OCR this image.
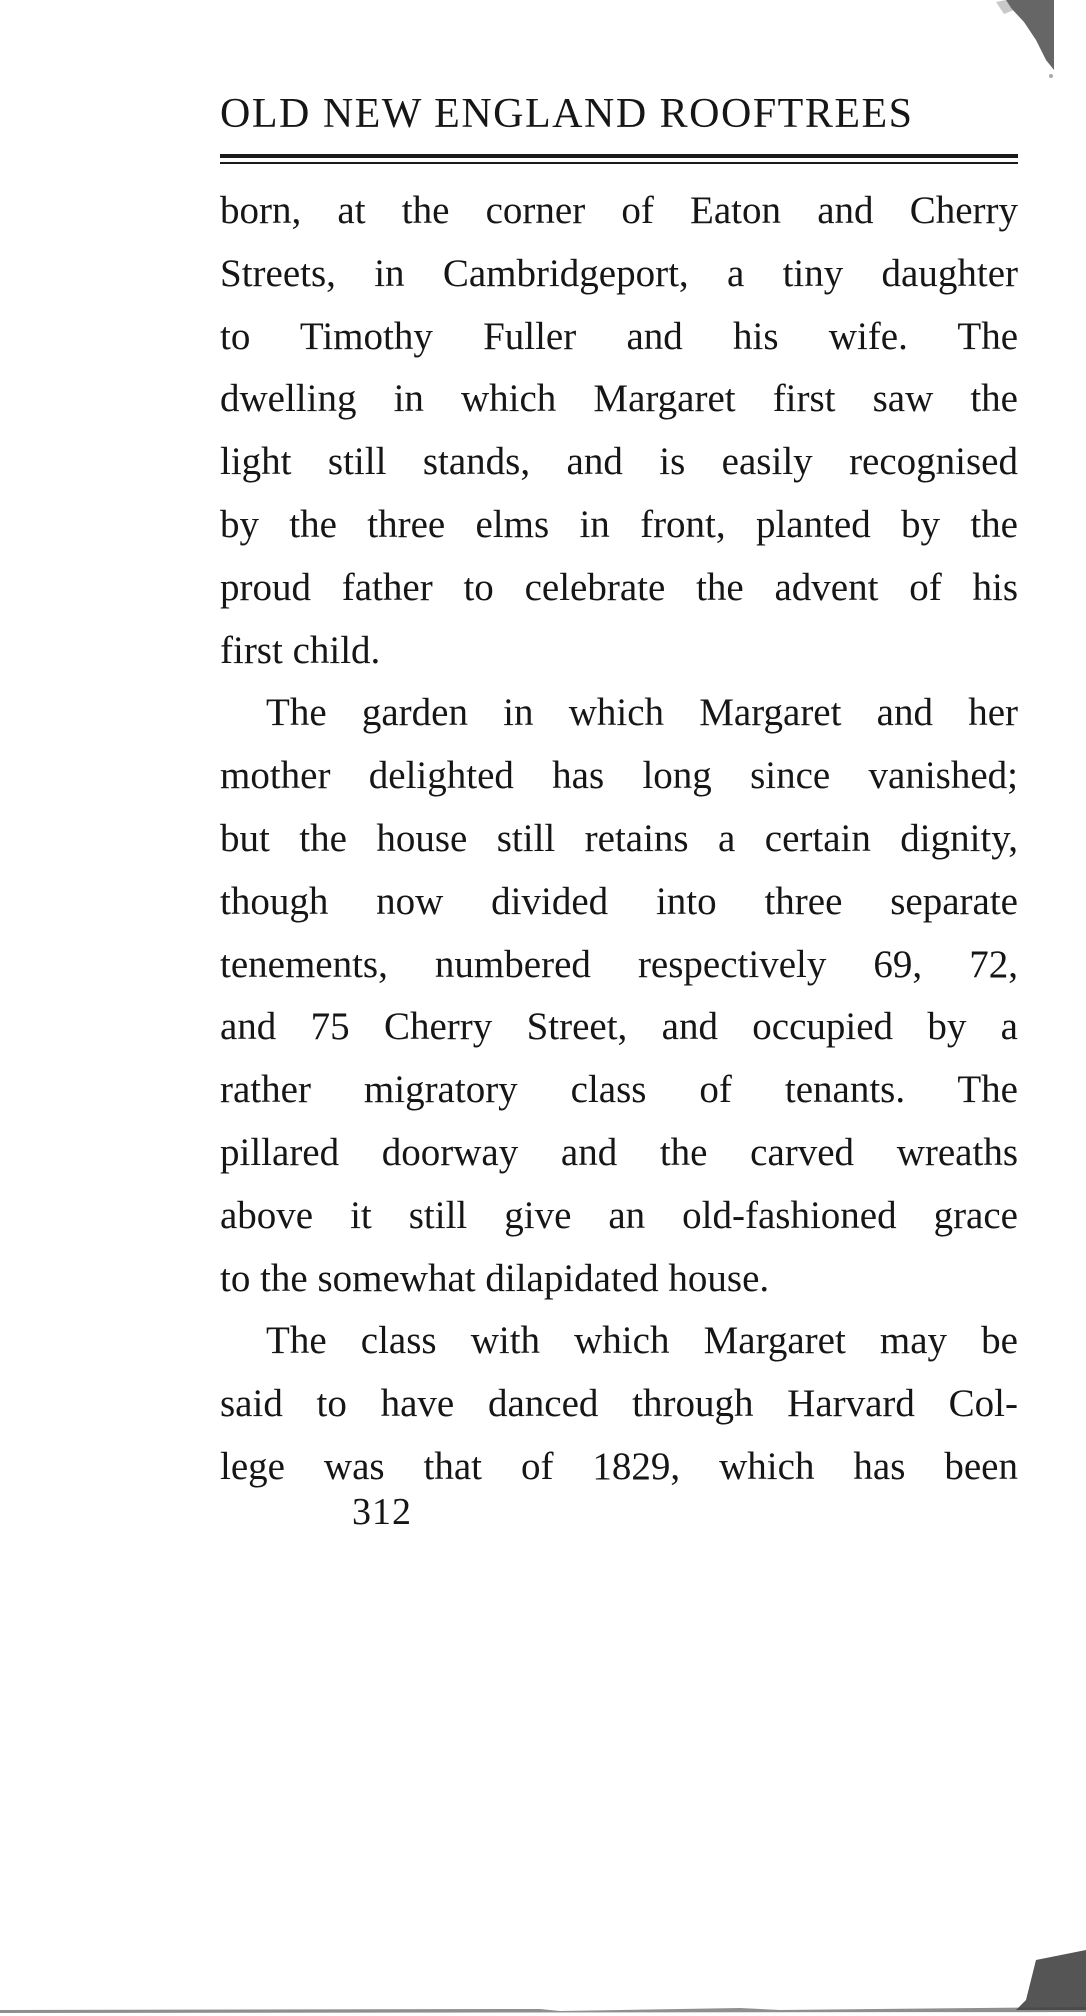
OLD NEW ENGLAND ROOFTREES
born, at the corner of Eaton and Cherry
Streets, in Cambridgeport, a tiny daughter
to Timothy Fuller and his wife. The
dwelling in which Margaret first saw the
light still stands, and is easily recognised
by the three elms in front, planted by the
proud father to celebrate the advent of his
first child.
The garden in which Margaret and her
mother delighted has long since vanished;
but the house still retains a certain dignity,
though now divided into three separate
tenements, numbered respectively 69, 72,
and 75 Cherry Street, and occupied by a
rather migratory class of tenants. The
pillared doorway and the carved wreaths
above it still give an old-fashioned grace
to the somewhat dilapidated house.
The class with which Margaret may be
said to have danced through Harvard Col-
lege was that of 1829, which has been
312
